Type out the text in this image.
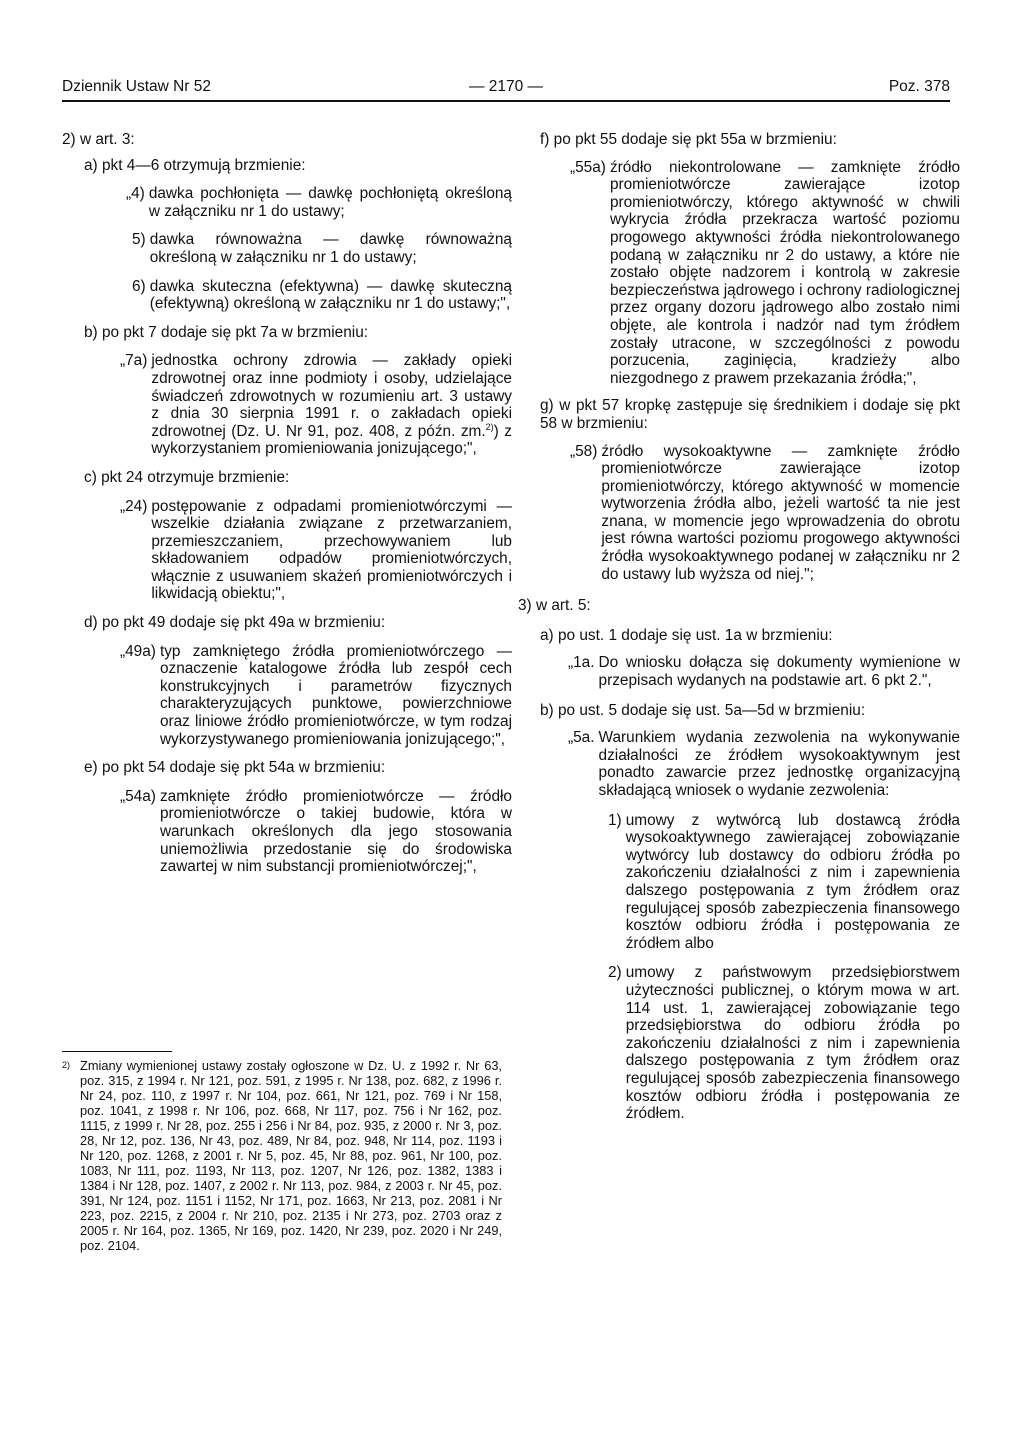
Dziennik Ustaw Nr 52	— 2170 —	Poz. 378

2) w art. 3:

a) pkt 4—6 otrzymują brzmienie:

„4) dawka pochłonięta — dawkę pochłoniętą określoną w załączniku nr 1 do ustawy;
5) dawka równoważna — dawkę równoważną określoną w załączniku nr 1 do ustawy;
6) dawka skuteczna (efektywna) — dawkę skuteczną (efektywną) określoną w załączniku nr 1 do ustawy;",

b) po pkt 7 dodaje się pkt 7a w brzmieniu:

„7a) jednostka ochrony zdrowia — zakłady opieki zdrowotnej oraz inne podmioty i osoby, udzielające świadczeń zdrowotnych w rozumieniu art. 3 ustawy z dnia 30 sierpnia 1991 r. o zakładach opieki zdrowotnej (Dz. U. Nr 91, poz. 408, z późn. zm.$^{2)}$) z wykorzystaniem promieniowania jonizującego;",

c) pkt 24 otrzymuje brzmienie:

„24) postępowanie z odpadami promieniotwórczymi — wszelkie działania związane z przetwarzaniem, przemieszczaniem, przechowywaniem lub składowaniem odpadów promieniotwórczych, włącznie z usuwaniem skażeń promieniotwórczych i likwidacją obiektu;",

d) po pkt 49 dodaje się pkt 49a w brzmieniu:

„49a) typ zamkniętego źródła promieniotwórczego — oznaczenie katalogowe źródła lub zespół cech konstrukcyjnych i parametrów fizycznych charakteryzujących punktowe, powierzchniowe oraz liniowe źródło promieniotwórcze, w tym rodzaj wykorzystywanego promieniowania jonizującego;",

e) po pkt 54 dodaje się pkt 54a w brzmieniu:

„54a) zamknięte źródło promieniotwórcze — źródło promieniotwórcze o takiej budowie, która w warunkach określonych dla jego stosowania uniemożliwia przedostanie się do środowiska zawartej w nim substancji promieniotwórczej;",
2) Zmiany wymienionej ustawy zostały ogłoszone w Dz. U. z 1992 r. Nr 63, poz. 315, z 1994 r. Nr 121, poz. 591, z 1995 r. Nr 138, poz. 682, z 1996 r. Nr 24, poz. 110, z 1997 r. Nr 104, poz. 661, Nr 121, poz. 769 i Nr 158, poz. 1041, z 1998 r. Nr 106, poz. 668, Nr 117, poz. 756 i Nr 162, poz. 1115, z 1999 r. Nr 28, poz. 255 i 256 i Nr 84, poz. 935, z 2000 r. Nr 3, poz. 28, Nr 12, poz. 136, Nr 43, poz. 489, Nr 84, poz. 948, Nr 114, poz. 1193 i Nr 120, poz. 1268, z 2001 r. Nr 5, poz. 45, Nr 88, poz. 961, Nr 100, poz. 1083, Nr 111, poz. 1193, Nr 113, poz. 1207, Nr 126, poz. 1382, 1383 i 1384 i Nr 128, poz. 1407, z 2002 r. Nr 113, poz. 984, z 2003 r. Nr 45, poz. 391, Nr 124, poz. 1151 i 1152, Nr 171, poz. 1663, Nr 213, poz. 2081 i Nr 223, poz. 2215, z 2004 r. Nr 210, poz. 2135 i Nr 273, poz. 2703 oraz z 2005 r. Nr 164, poz. 1365, Nr 169, poz. 1420, Nr 239, poz. 2020 i Nr 249, poz. 2104.

f) po pkt 55 dodaje się pkt 55a w brzmieniu:

„55a) źródło niekontrolowane — zamknięte źródło promieniotwórcze zawierające izotop promieniotwórczy, którego aktywność w chwili wykrycia źródła przekracza wartość poziomu progowego aktywności źródła niekontrolowanego podaną w załączniku nr 2 do ustawy, a które nie zostało objęte nadzorem i kontrolą w zakresie bezpieczeństwa jądrowego i ochrony radiologicznej przez organy dozoru jądrowego albo zostało nimi objęte, ale kontrola i nadzór nad tym źródłem zostały utracone, w szczególności z powodu porzucenia, zaginięcia, kradzieży albo niezgodnego z prawem przekazania źródła;",
g) w pkt 57 kropkę zastępuje się średnikiem i dodaje się pkt 58 w brzmieniu:
„58) źródło wysokoaktywne — zamknięte źródło promieniotwórcze zawierające izotop promieniotwórczy, którego aktywność w momencie wytworzenia źródła albo, jeżeli wartość ta nie jest znana, w momencie jego wprowadzenia do obrotu jest równa wartości poziomu progowego aktywności źródła wysokoaktywnego podanej w załączniku nr 2 do ustawy lub wyższa od niej.";

3) w art. 5:

a) po ust. 1 dodaje się ust. 1a w brzmieniu:

„1a. Do wniosku dołącza się dokumenty wymienione w przepisach wydanych na podstawie art. 6 pkt 2.",

b) po ust. 5 dodaje się ust. 5a—5d w brzmieniu:

„5a. Warunkiem wydania zezwolenia na wykonywanie działalności ze źródłem wysokoaktywnym jest ponadto zawarcie przez jednostkę organizacyjną składającą wniosek o wydanie zezwolenia:
1) umowy z wytwórcą lub dostawcą źródła wysokoaktywnego zawierającej zobowiązanie wytwórcy lub dostawcy do odbioru źródła po zakończeniu działalności z nim i zapewnienia dalszego postępowania z tym źródłem oraz regulującej sposób zabezpieczenia finansowego kosztów odbioru źródła i postępowania ze źródłem albo
2) umowy z państwowym przedsiębiorstwem użyteczności publicznej, o którym mowa w art. 114 ust. 1, zawierającej zobowiązanie tego przedsiębiorstwa do odbioru źródła po zakończeniu działalności z nim i zapewnienia dalszego postępowania z tym źródłem oraz regulującej sposób zabezpieczenia finansowego kosztów odbioru źródła i postępowania ze źródłem.
